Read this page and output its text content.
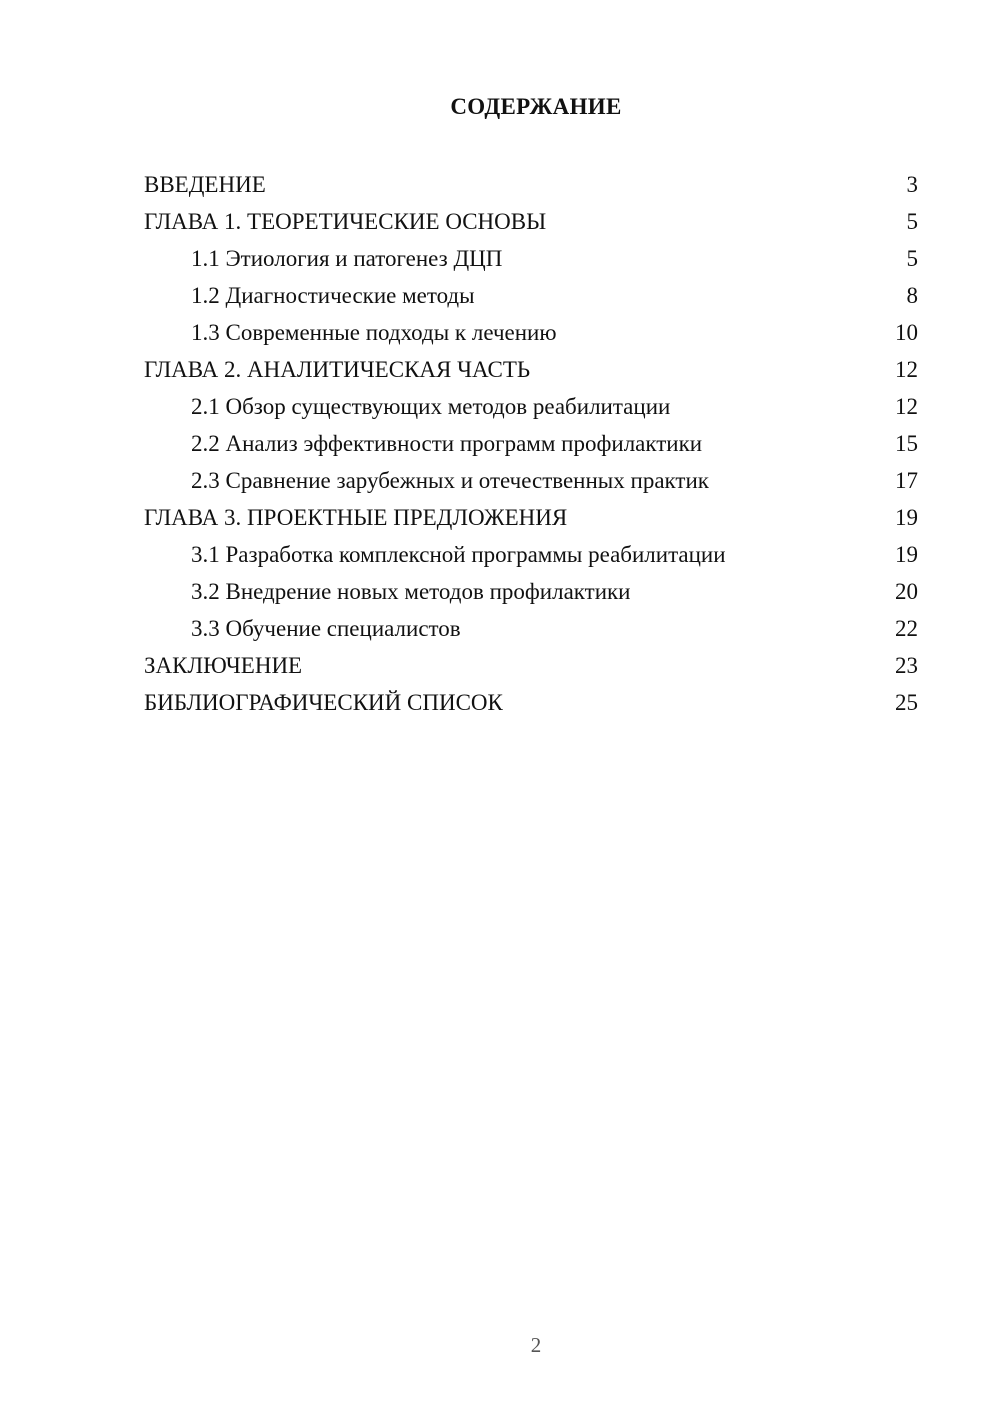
СОДЕРЖАНИЕ
ВВЕДЕНИЕ	3
ГЛАВА 1. ТЕОРЕТИЧЕСКИЕ ОСНОВЫ	5
1.1 Этиология и патогенез ДЦП	5
1.2 Диагностические методы	8
1.3 Современные подходы к лечению	10
ГЛАВА 2. АНАЛИТИЧЕСКАЯ ЧАСТЬ	12
2.1 Обзор существующих методов реабилитации	12
2.2 Анализ эффективности программ профилактики	15
2.3 Сравнение зарубежных и отечественных практик	17
ГЛАВА 3. ПРОЕКТНЫЕ ПРЕДЛОЖЕНИЯ	19
3.1 Разработка комплексной программы реабилитации	19
3.2 Внедрение новых методов профилактики	20
3.3 Обучение специалистов	22
ЗАКЛЮЧЕНИЕ	23
БИБЛИОГРАФИЧЕСКИЙ СПИСОК	25
2
